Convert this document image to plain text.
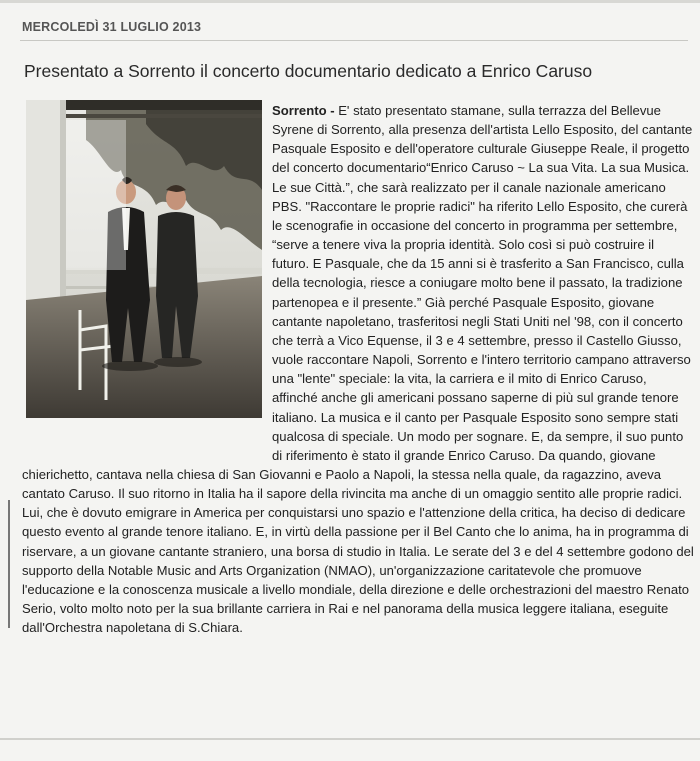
MERCOLEDÌ 31 LUGLIO 2013
Presentato a Sorrento il concerto documentario dedicato a Enrico Caruso

Sorrento - E' stato presentato stamane, sulla terrazza del Bellevue Syrene di Sorrento, alla presenza dell'artista Lello Esposito, del cantante Pasquale Esposito e dell'operatore culturale Giuseppe Reale, il progetto del concerto documentario“Enrico Caruso ~ La sua Vita. La sua Musica. Le sue Città.”, che sarà realizzato per il canale nazionale americano PBS. "Raccontare le proprie radici" ha riferito Lello Esposito, che curerà le scenografie in occasione del concerto in programma per settembre, “serve a tenere viva la propria identità. Solo così si può costruire il futuro. E Pasquale, che da 15 anni si è trasferito a San Francisco, culla della tecnologia, riesce a coniugare molto bene il passato, la tradizione partenopea e il presente.” Già perché Pasquale Esposito, giovane cantante napoletano, trasferitosi negli Stati Uniti nel '98, con il concerto che terrà a Vico Equense, il 3 e 4 settembre, presso il Castello Giusso, vuole raccontare Napoli, Sorrento e l'intero territorio campano attraverso una "lente" speciale: la vita, la carriera e il mito di Enrico Caruso, affinché anche gli americani possano saperne di più sul grande tenore italiano. La musica e il canto per Pasquale Esposito sono sempre stati qualcosa di speciale. Un modo per sognare. E, da sempre, il suo punto di riferimento è stato il grande Enrico Caruso. Da quando, giovane chierichetto, cantava nella chiesa di San Giovanni e Paolo a Napoli, la stessa nella quale, da ragazzino, aveva cantato Caruso. Il suo ritorno in Italia ha il sapore della rivincita ma anche di un omaggio sentito alle proprie radici. Lui, che è dovuto emigrare in America per conquistarsi uno spazio e l'attenzione della critica, ha deciso di dedicare questo evento al grande tenore italiano. E, in virtù della passione per il Bel Canto che lo anima, ha in programma di riservare, a un giovane cantante straniero, una borsa di studio in Italia. Le serate del 3 e del 4 settembre godono del supporto della Notable Music and Arts Organization (NMAO), un'organizzazione caritatevole che promuove l'educazione e la conoscenza musicale a livello mondiale, della direzione e delle orchestrazioni del maestro Renato Serio, volto molto noto per la sua brillante carriera in Rai e nel panorama della musica leggere italiana, eseguite dall'Orchestra napoletana di S.Chiara.
